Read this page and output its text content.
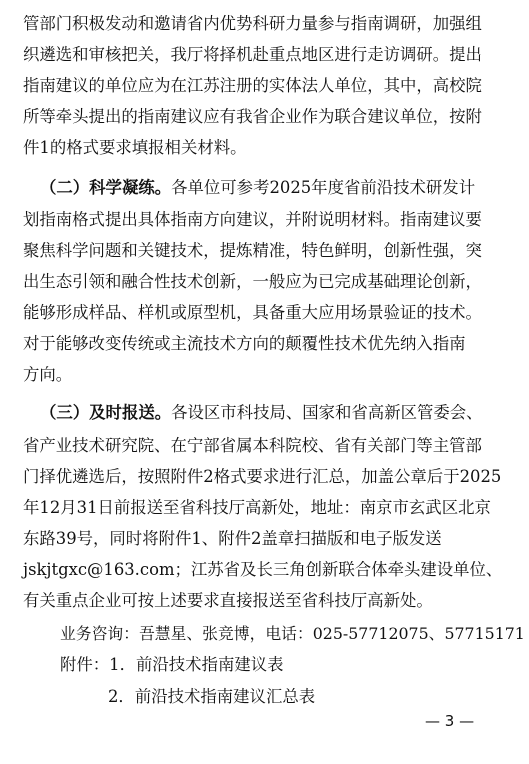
管部门积极发动和邀请省内优势科研力量参与指南调研，加强组
织遴选和审核把关，我厅将择机赴重点地区进行走访调研。提出
指南建议的单位应为在江苏注册的实体法人单位，其中，高校院
所等牵头提出的指南建议应有我省企业作为联合建议单位，按附
件1的格式要求填报相关材料。
（二）科学凝练。各单位可参考2025年度省前沿技术研发计
划指南格式提出具体指南方向建议，并附说明材料。指南建议要
聚焦科学问题和关键技术，提炼精准，特色鲜明，创新性强，突
出生态引领和融合性技术创新，一般应为已完成基础理论创新，
能够形成样品、样机或原型机，具备重大应用场景验证的技术。
对于能够改变传统或主流技术方向的颠覆性技术优先纳入指南
方向。
（三）及时报送。各设区市科技局、国家和省高新区管委会、
省产业技术研究院、在宁部省属本科院校、省有关部门等主管部
门择优遴选后，按照附件2格式要求进行汇总，加盖公章后于2025
年12月31日前报送至省科技厅高新处，地址：南京市玄武区北京
东路39号，同时将附件1、附件2盖章扫描版和电子版发送
jskjtgxc@163.com；江苏省及长三角创新联合体牵头建设单位、
有关重点企业可按上述要求直接报送至省科技厅高新处。
业务咨询：吾慧星、张竞博，电话：025-57712075、57715171
附件：1．前沿技术指南建议表
2．前沿技术指南建议汇总表
— 3 —
